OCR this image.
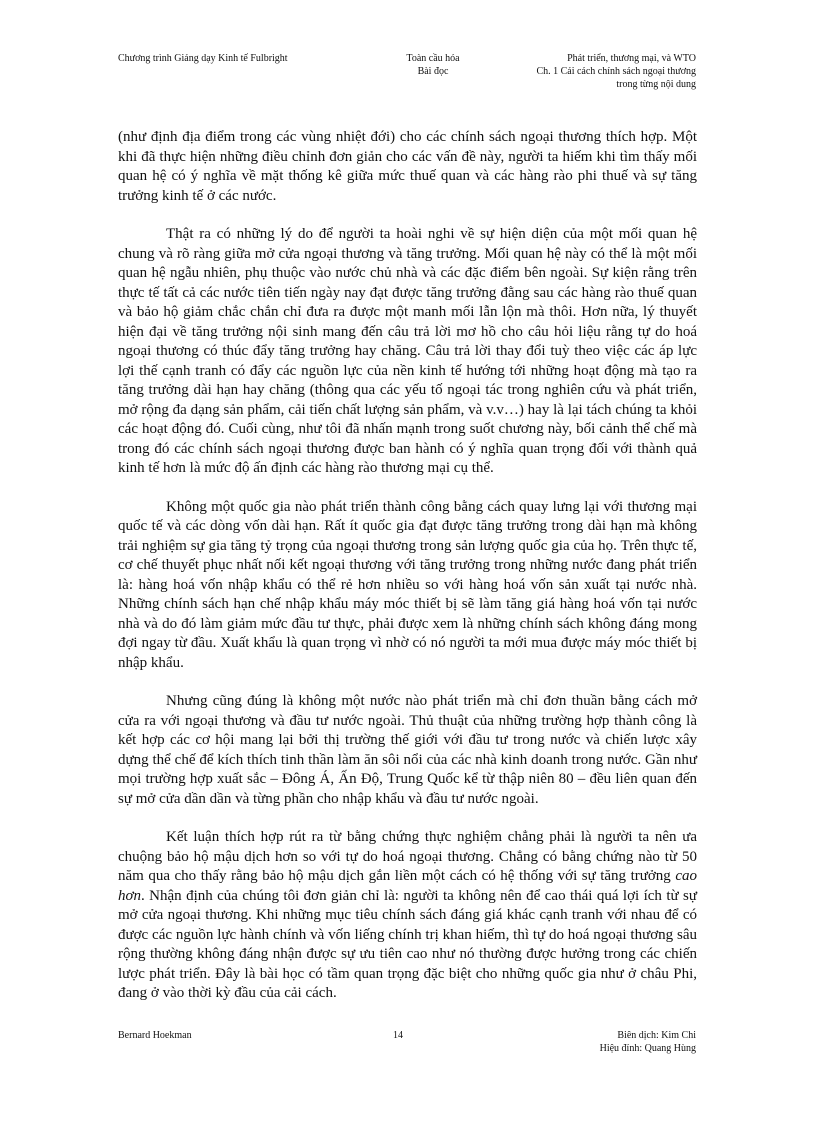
Chương trình Giảng dạy Kinh tế Fulbright	Toàn cầu hóa
Bài đọc
Phát triển, thương mại, và WTO
Ch. 1 Cải cách chính sách ngoại thương
trong từng nội dung

(như định địa điểm trong các vùng nhiệt đới) cho các chính sách ngoại thương thích hợp. Một khi đã thực hiện những điều chỉnh đơn giản cho các vấn đề này, người ta hiếm khi tìm thấy mối quan hệ có ý nghĩa về mặt thống kê giữa mức thuế quan và các hàng rào phi thuế và sự tăng trưởng kinh tế ở các nước.

Thật ra có những lý do để người ta hoài nghi về sự hiện diện của một mối quan hệ chung và rõ ràng giữa mở cửa ngoại thương và tăng trưởng. Mối quan hệ này có thể là một mối quan hệ ngẫu nhiên, phụ thuộc vào nước chủ nhà và các đặc điểm bên ngoài. Sự kiện rằng trên thực tế tất cả các nước tiên tiến ngày nay đạt được tăng trưởng đằng sau các hàng rào thuế quan và bảo hộ giảm chắc chắn chỉ đưa ra được một manh mối lẫn lộn mà thôi. Hơn nữa, lý thuyết hiện đại về tăng trưởng nội sinh mang đến câu trả lời mơ hồ cho câu hỏi liệu rằng tự do hoá ngoại thương có thúc đẩy tăng trưởng hay chăng. Câu trả lời thay đổi tuỳ theo việc các áp lực lợi thế cạnh tranh có đẩy các nguồn lực của nền kinh tế hướng tới những hoạt động mà tạo ra tăng trưởng dài hạn hay chăng (thông qua các yếu tố ngoại tác trong nghiên cứu và phát triển, mở rộng đa dạng sản phẩm, cải tiến chất lượng sản phẩm, và v.v…) hay là lại tách chúng ta khỏi các hoạt động đó. Cuối cùng, như tôi đã nhấn mạnh trong suốt chương này, bối cảnh thể chế mà trong đó các chính sách ngoại thương được ban hành có ý nghĩa quan trọng đối với thành quả kinh tế hơn là mức độ ấn định các hàng rào thương mại cụ thể.

Không một quốc gia nào phát triển thành công bằng cách quay lưng lại với thương mại quốc tế và các dòng vốn dài hạn. Rất ít quốc gia đạt được tăng trưởng trong dài hạn mà không trải nghiệm sự gia tăng tỷ trọng của ngoại thương trong sản lượng quốc gia của họ. Trên thực tế, cơ chế thuyết phục nhất nối kết ngoại thương với tăng trưởng trong những nước đang phát triển là: hàng hoá vốn nhập khẩu có thể rẻ hơn nhiều so với hàng hoá vốn sản xuất tại nước nhà. Những chính sách hạn chế nhập khẩu máy móc thiết bị sẽ làm tăng giá hàng hoá vốn tại nước nhà và do đó làm giảm mức đầu tư thực, phải được xem là những chính sách không đáng mong đợi ngay từ đầu. Xuất khẩu là quan trọng vì nhờ có nó người ta mới mua được máy móc thiết bị nhập khẩu.

Nhưng cũng đúng là không một nước nào phát triển mà chỉ đơn thuần bằng cách mở cửa ra với ngoại thương và đầu tư nước ngoài. Thủ thuật của những trường hợp thành công là kết hợp các cơ hội mang lại bởi thị trường thế giới với đầu tư trong nước và chiến lược xây dựng thể chế để kích thích tinh thần làm ăn sôi nổi của các nhà kinh doanh trong nước. Gần như mọi trường hợp xuất sắc – Đông Á, Ấn Độ, Trung Quốc kể từ thập niên 80 – đều liên quan đến sự mở cửa dần dần và từng phần cho nhập khẩu và đầu tư nước ngoài.

Kết luận thích hợp rút ra từ bằng chứng thực nghiệm chẳng phải là người ta nên ưa chuộng bảo hộ mậu dịch hơn so với tự do hoá ngoại thương. Chẳng có bằng chứng nào từ 50 năm qua cho thấy rằng bảo hộ mậu dịch gắn liền một cách có hệ thống với sự tăng trưởng cao hơn. Nhận định của chúng tôi đơn giản chỉ là: người ta không nên để cao thái quá lợi ích từ sự mở cửa ngoại thương. Khi những mục tiêu chính sách đáng giá khác cạnh tranh với nhau để có được các nguồn lực hành chính và vốn liếng chính trị khan hiếm, thì tự do hoá ngoại thương sâu rộng thường không đáng nhận được sự ưu tiên cao như nó thường được hưởng trong các chiến lược phát triển. Đây là bài học có tầm quan trọng đặc biệt cho những quốc gia như ở châu Phi, đang ở vào thời kỳ đầu của cải cách.

Bernard Hoekman	14	Biên dịch: Kim Chi
Hiệu đính: Quang Hùng
